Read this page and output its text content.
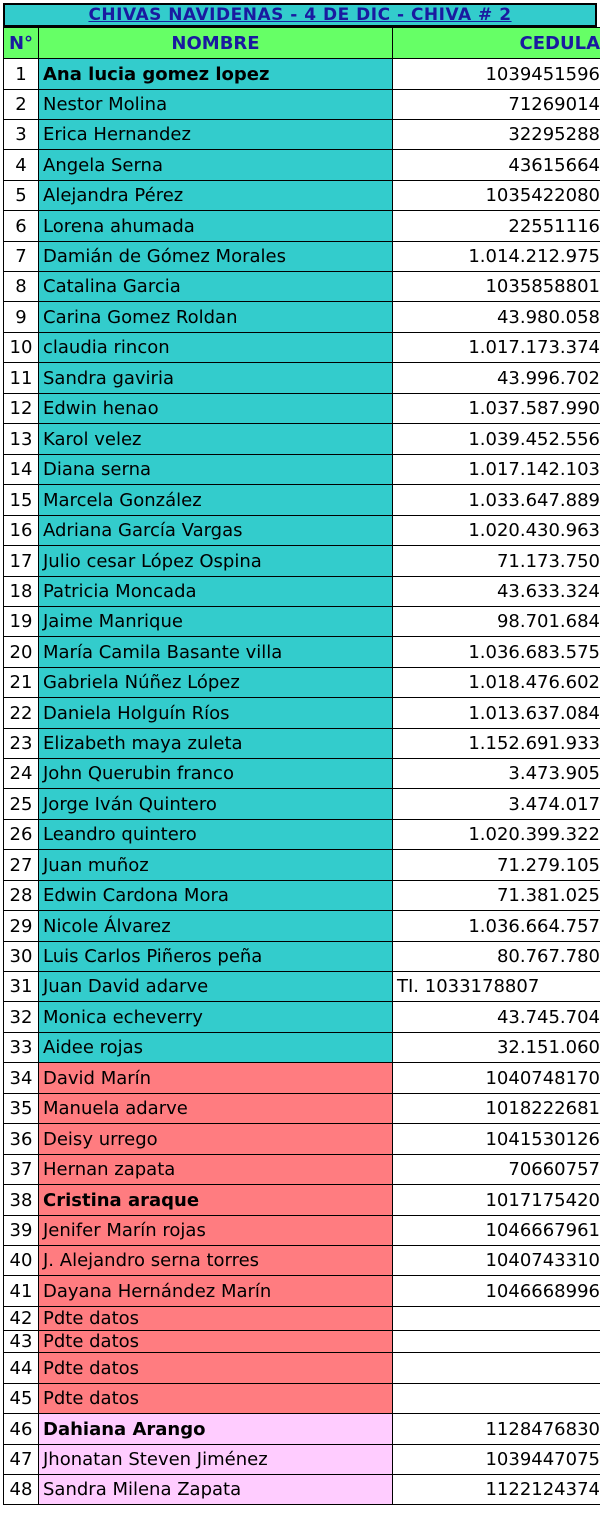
CHIVAS NAVIDENAS - 4 DE DIC - CHIVA # 2
N°	NOMBRE	CEDULA
1	Ana lucia gomez lopez	1039451596
2	Nestor Molina	71269014
3	Erica Hernandez	32295288
4	Angela Serna	43615664
5	Alejandra Pérez	1035422080
6	Lorena ahumada	22551116
7	Damián de Gómez Morales	1.014.212.975
8	Catalina Garcia	1035858801
9	Carina Gomez Roldan	43.980.058
10	claudia rincon	1.017.173.374
11	Sandra gaviria	43.996.702
12	Edwin henao	1.037.587.990
13	Karol velez	1.039.452.556
14	Diana serna	1.017.142.103
15	Marcela González	1.033.647.889
16	Adriana García Vargas	1.020.430.963
17	Julio cesar López Ospina	71.173.750
18	Patricia Moncada	43.633.324
19	Jaime Manrique	98.701.684
20	María Camila Basante villa	1.036.683.575
21	Gabriela Núñez López	1.018.476.602
22	Daniela Holguín Ríos	1.013.637.084
23	Elizabeth maya zuleta	1.152.691.933
24	John Querubin franco	3.473.905
25	Jorge Iván Quintero	3.474.017
26	Leandro quintero	1.020.399.322
27	Juan muñoz	71.279.105
28	Edwin Cardona Mora	71.381.025
29	Nicole Álvarez	1.036.664.757
30	Luis Carlos Piñeros peña	80.767.780
31	Juan David adarve	TI. 1033178807
32	Monica echeverry	43.745.704
33	Aidee rojas	32.151.060
34	David Marín	1040748170
35	Manuela adarve	1018222681
36	Deisy urrego	1041530126
37	Hernan zapata	70660757
38	Cristina araque	1017175420
39	Jenifer Marín rojas	1046667961
40	J. Alejandro serna torres	1040743310
41	Dayana Hernández Marín	1046668996
42	Pdte datos	
43	Pdte datos	
44	Pdte datos	
45	Pdte datos	
46	Dahiana Arango	1128476830
47	Jhonatan Steven Jiménez	1039447075
48	Sandra Milena Zapata	1122124374
